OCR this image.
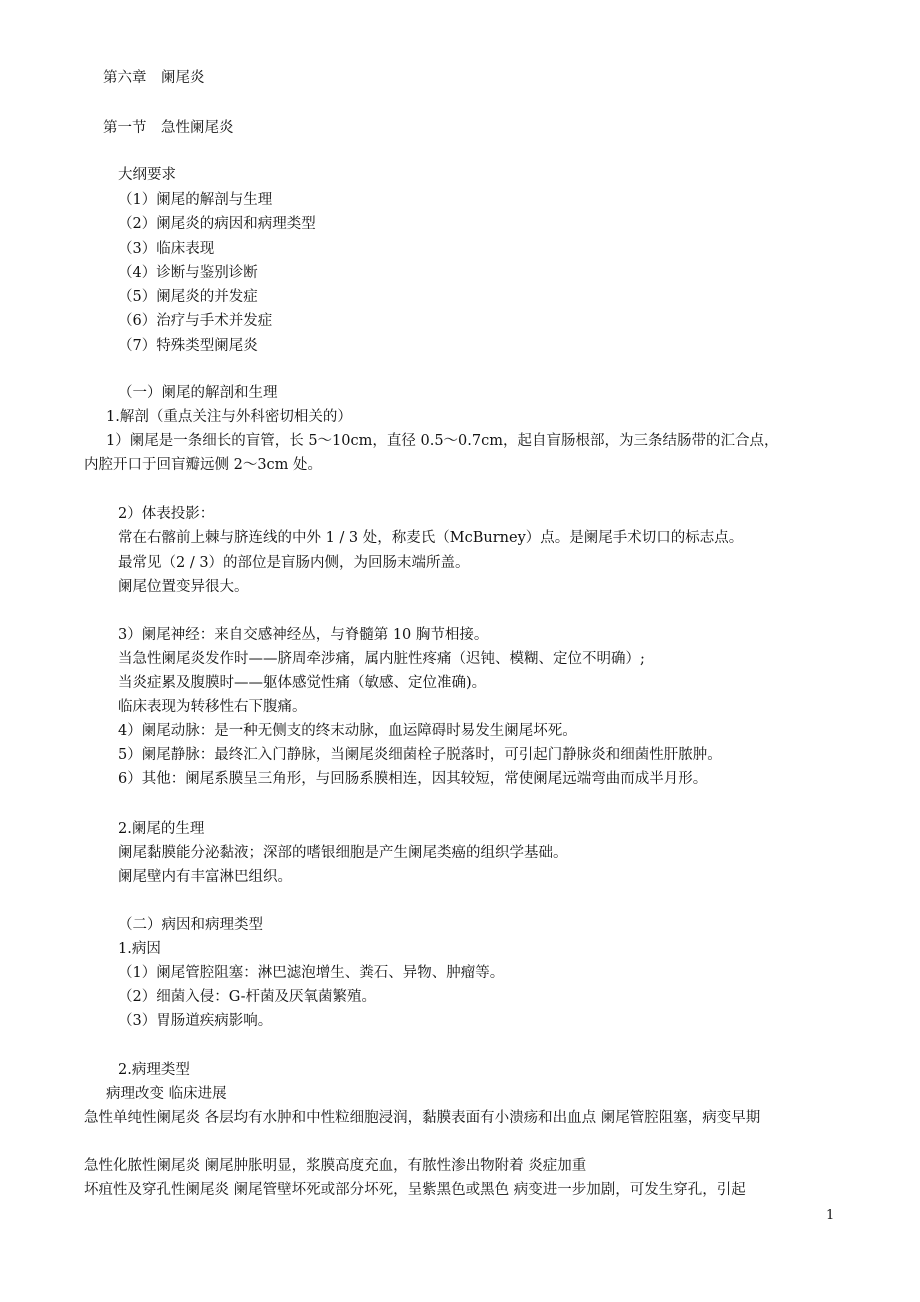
第六章　阑尾炎
第一节　急性阑尾炎
大纲要求
（1）阑尾的解剖与生理
（2）阑尾炎的病因和病理类型
（3）临床表现
（4）诊断与鉴别诊断
（5）阑尾炎的并发症
（6）治疗与手术并发症
（7）特殊类型阑尾炎
（一）阑尾的解剖和生理
1.解剖（重点关注与外科密切相关的）
1）阑尾是一条细长的盲管，长 5～10cm，直径 0.5～0.7cm，起自盲肠根部，为三条结肠带的汇合点，
内腔开口于回盲瓣远侧 2～3cm 处。
2）体表投影：
常在右髂前上棘与脐连线的中外 1 / 3 处，称麦氏（McBurney）点。是阑尾手术切口的标志点。
最常见（2 / 3）的部位是盲肠内侧，为回肠末端所盖。
阑尾位置变异很大。
3）阑尾神经：来自交感神经丛，与脊髓第 10 胸节相接。
当急性阑尾炎发作时——脐周牵涉痛，属内脏性疼痛（迟钝、模糊、定位不明确）;
当炎症累及腹膜时——躯体感觉性痛（敏感、定位准确)。
临床表现为转移性右下腹痛。
4）阑尾动脉：是一种无侧支的终末动脉，血运障碍时易发生阑尾坏死。
5）阑尾静脉：最终汇入门静脉，当阑尾炎细菌栓子脱落时，可引起门静脉炎和细菌性肝脓肿。
6）其他：阑尾系膜呈三角形，与回肠系膜相连，因其较短，常使阑尾远端弯曲而成半月形。
2.阑尾的生理
阑尾黏膜能分泌黏液；深部的嗜银细胞是产生阑尾类癌的组织学基础。
阑尾壁内有丰富淋巴组织。
（二）病因和病理类型
1.病因
（1）阑尾管腔阻塞：淋巴滤泡增生、粪石、异物、肿瘤等。
（2）细菌入侵：G-杆菌及厌氧菌繁殖。
（3）胃肠道疾病影响。
2.病理类型
病理改变 临床进展
急性单纯性阑尾炎 各层均有水肿和中性粒细胞浸润，黏膜表面有小溃疡和出血点 阑尾管腔阻塞，病变早期
急性化脓性阑尾炎 阑尾肿胀明显，浆膜高度充血，有脓性渗出物附着 炎症加重
坏疽性及穿孔性阑尾炎 阑尾管壁坏死或部分坏死，呈紫黑色或黑色 病变进一步加剧，可发生穿孔，引起
1
